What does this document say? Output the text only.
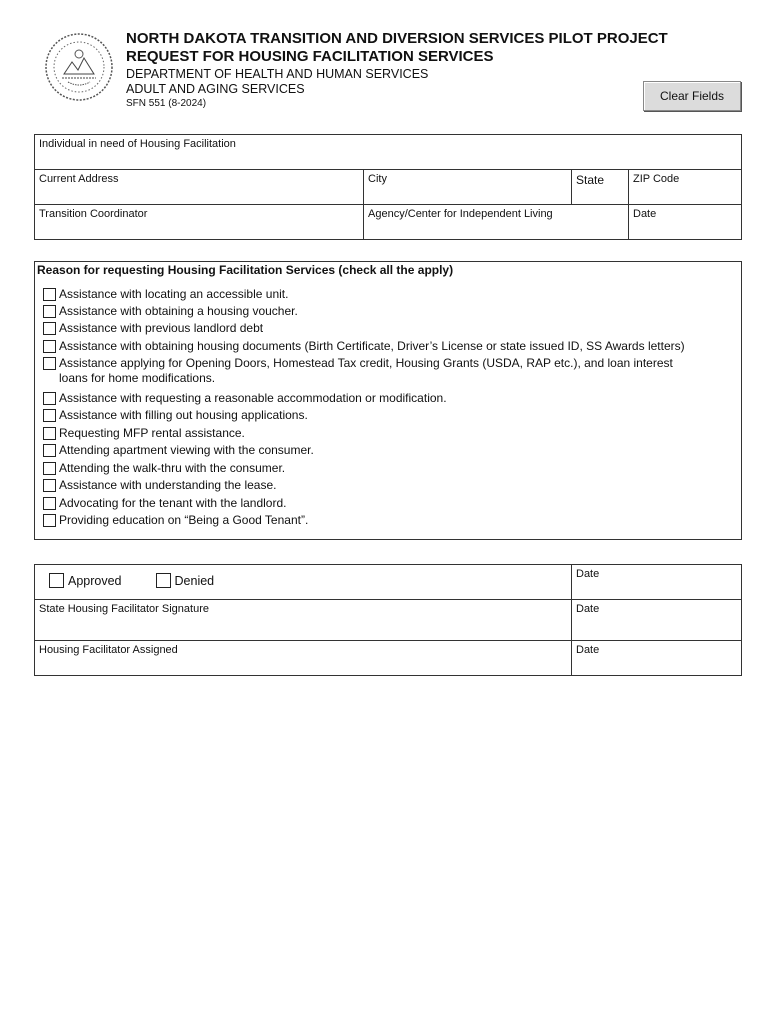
NORTH DAKOTA TRANSITION AND DIVERSION SERVICES PILOT PROJECT
REQUEST FOR HOUSING FACILITATION SERVICES
DEPARTMENT OF HEALTH AND HUMAN SERVICES
ADULT AND AGING SERVICES
SFN 551 (8-2024)
Clear Fields
Individual in need of Housing Facilitation			
Current Address	City	State	ZIP Code
Transition Coordinator	Agency/Center for Independent Living		Date
Reason for requesting Housing Facilitation Services (check all the apply)
Assistance with locating an accessible unit.
Assistance with obtaining a housing voucher.
Assistance with previous landlord debt
Assistance with obtaining housing documents (Birth Certificate, Driver’s License or state issued ID, SS Awards letters)
Assistance applying for Opening Doors, Homestead Tax credit, Housing Grants (USDA, RAP etc.), and loan interest
loans for home modifications.
Assistance with requesting a reasonable accommodation or modification.
Assistance with filling out housing applications.
Requesting MFP rental assistance.
Attending apartment viewing with the consumer.
Attending the walk-thru with the consumer.
Assistance with understanding the lease.
Advocating for the tenant with the landlord.
Providing education on “Being a Good Tenant”.
Approved Denied	Date
State Housing Facilitator Signature	Date
Housing Facilitator Assigned	Date
